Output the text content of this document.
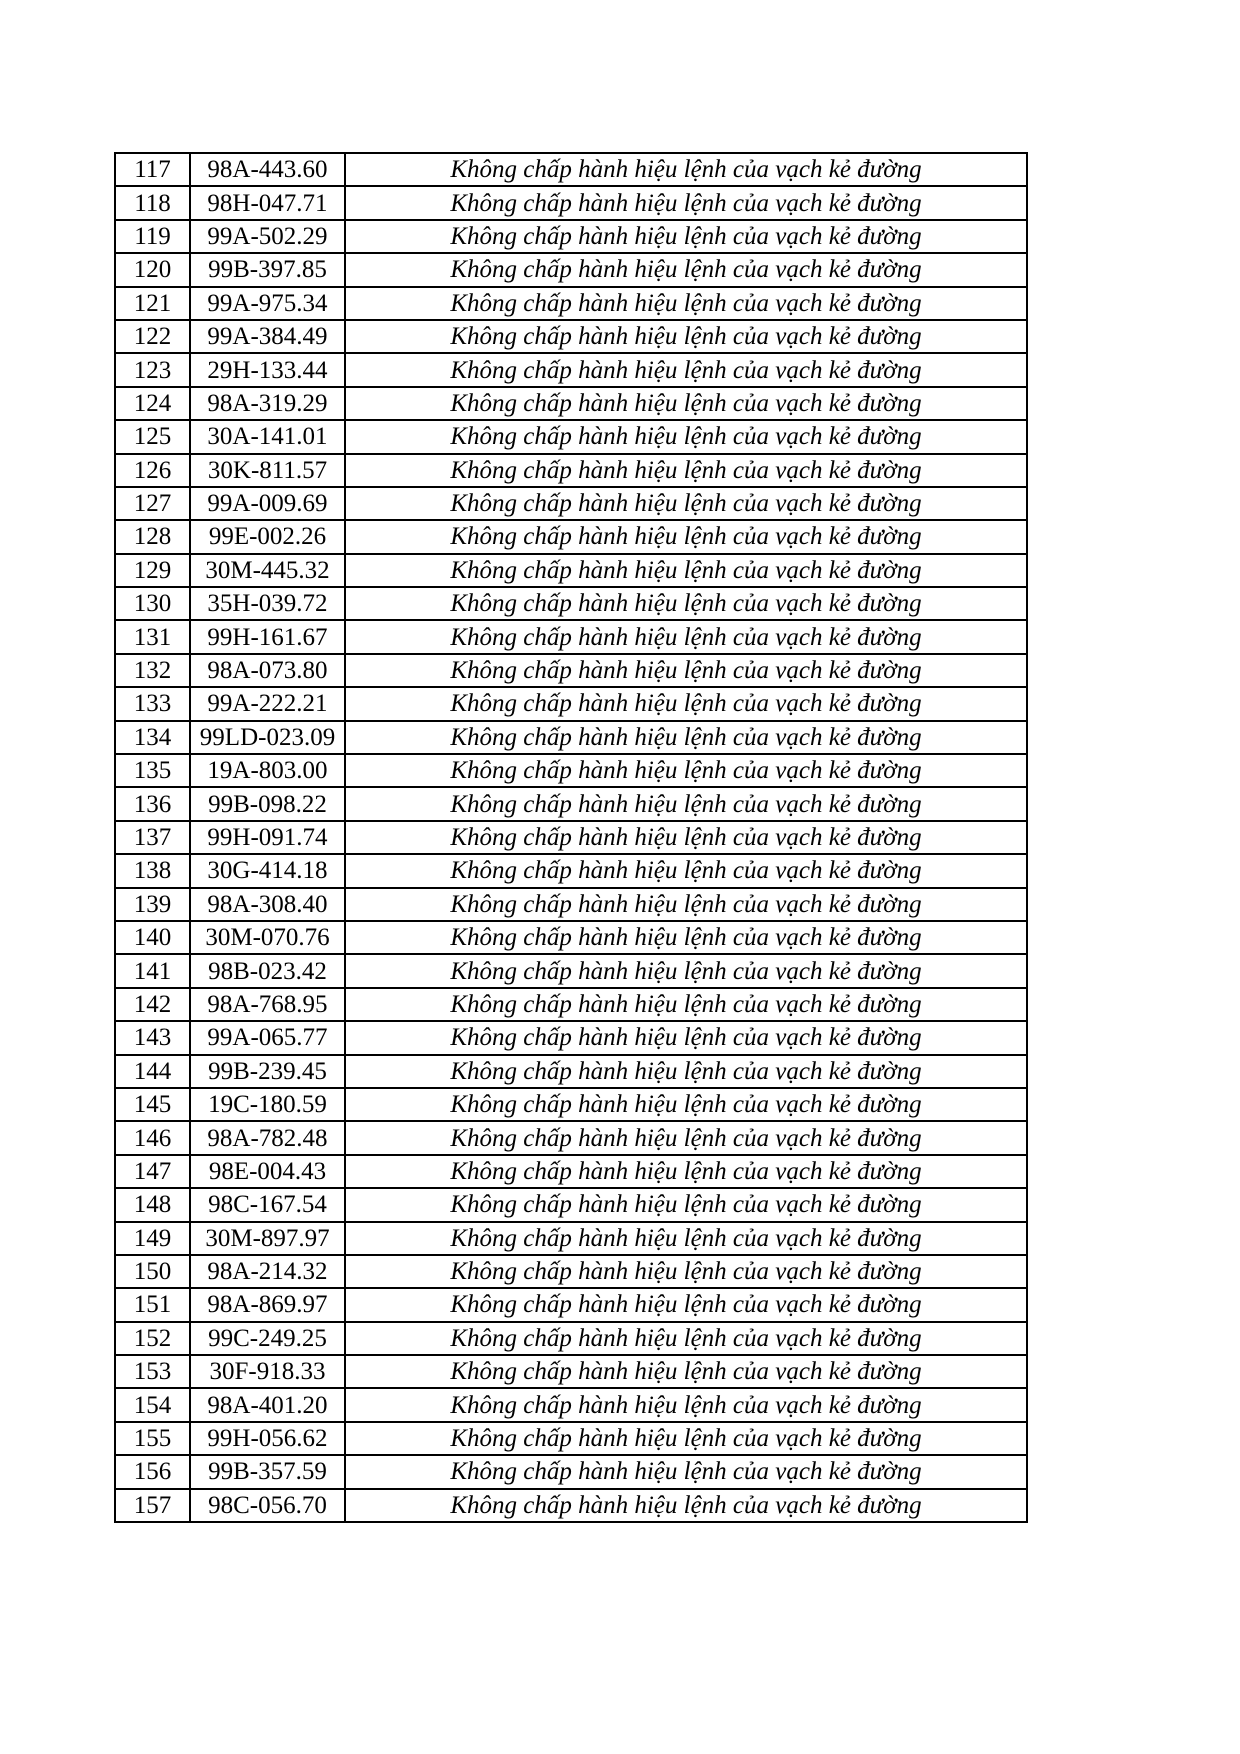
117	98A-443.60	Không chấp hành hiệu lệnh của vạch kẻ đường
118	98H-047.71	Không chấp hành hiệu lệnh của vạch kẻ đường
119	99A-502.29	Không chấp hành hiệu lệnh của vạch kẻ đường
120	99B-397.85	Không chấp hành hiệu lệnh của vạch kẻ đường
121	99A-975.34	Không chấp hành hiệu lệnh của vạch kẻ đường
122	99A-384.49	Không chấp hành hiệu lệnh của vạch kẻ đường
123	29H-133.44	Không chấp hành hiệu lệnh của vạch kẻ đường
124	98A-319.29	Không chấp hành hiệu lệnh của vạch kẻ đường
125	30A-141.01	Không chấp hành hiệu lệnh của vạch kẻ đường
126	30K-811.57	Không chấp hành hiệu lệnh của vạch kẻ đường
127	99A-009.69	Không chấp hành hiệu lệnh của vạch kẻ đường
128	99E-002.26	Không chấp hành hiệu lệnh của vạch kẻ đường
129	30M-445.32	Không chấp hành hiệu lệnh của vạch kẻ đường
130	35H-039.72	Không chấp hành hiệu lệnh của vạch kẻ đường
131	99H-161.67	Không chấp hành hiệu lệnh của vạch kẻ đường
132	98A-073.80	Không chấp hành hiệu lệnh của vạch kẻ đường
133	99A-222.21	Không chấp hành hiệu lệnh của vạch kẻ đường
134	99LD-023.09	Không chấp hành hiệu lệnh của vạch kẻ đường
135	19A-803.00	Không chấp hành hiệu lệnh của vạch kẻ đường
136	99B-098.22	Không chấp hành hiệu lệnh của vạch kẻ đường
137	99H-091.74	Không chấp hành hiệu lệnh của vạch kẻ đường
138	30G-414.18	Không chấp hành hiệu lệnh của vạch kẻ đường
139	98A-308.40	Không chấp hành hiệu lệnh của vạch kẻ đường
140	30M-070.76	Không chấp hành hiệu lệnh của vạch kẻ đường
141	98B-023.42	Không chấp hành hiệu lệnh của vạch kẻ đường
142	98A-768.95	Không chấp hành hiệu lệnh của vạch kẻ đường
143	99A-065.77	Không chấp hành hiệu lệnh của vạch kẻ đường
144	99B-239.45	Không chấp hành hiệu lệnh của vạch kẻ đường
145	19C-180.59	Không chấp hành hiệu lệnh của vạch kẻ đường
146	98A-782.48	Không chấp hành hiệu lệnh của vạch kẻ đường
147	98E-004.43	Không chấp hành hiệu lệnh của vạch kẻ đường
148	98C-167.54	Không chấp hành hiệu lệnh của vạch kẻ đường
149	30M-897.97	Không chấp hành hiệu lệnh của vạch kẻ đường
150	98A-214.32	Không chấp hành hiệu lệnh của vạch kẻ đường
151	98A-869.97	Không chấp hành hiệu lệnh của vạch kẻ đường
152	99C-249.25	Không chấp hành hiệu lệnh của vạch kẻ đường
153	30F-918.33	Không chấp hành hiệu lệnh của vạch kẻ đường
154	98A-401.20	Không chấp hành hiệu lệnh của vạch kẻ đường
155	99H-056.62	Không chấp hành hiệu lệnh của vạch kẻ đường
156	99B-357.59	Không chấp hành hiệu lệnh của vạch kẻ đường
157	98C-056.70	Không chấp hành hiệu lệnh của vạch kẻ đường
